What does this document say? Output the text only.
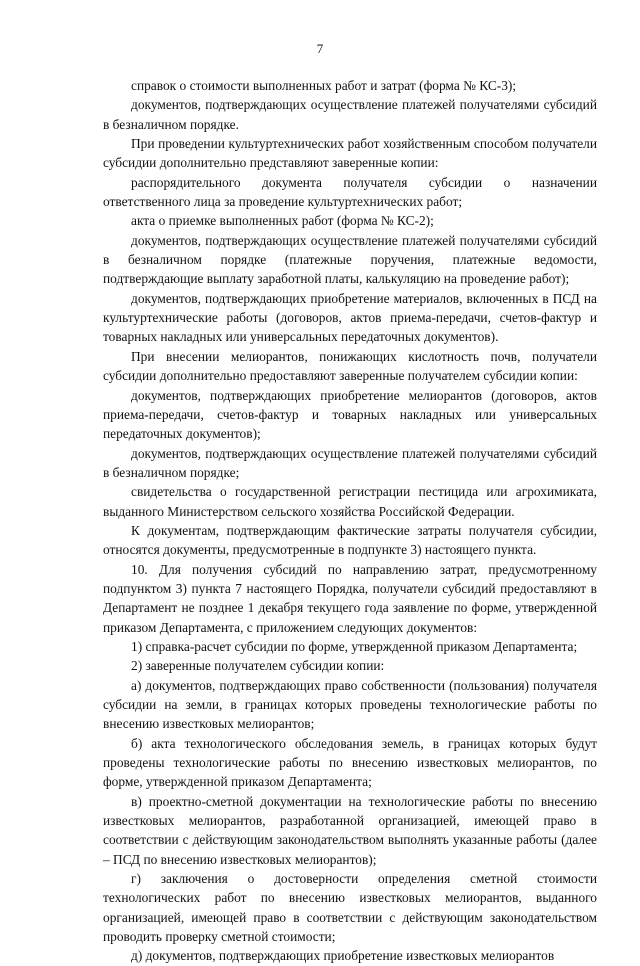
7

справок о стоимости выполненных работ и затрат (форма № КС-3);

документов, подтверждающих осуществление платежей получателями субсидий в безналичном порядке.

При проведении культуртехнических работ хозяйственным способом получатели субсидии дополнительно представляют заверенные копии:

распорядительного документа получателя субсидии о назначении ответственного лица за проведение культуртехнических работ;

акта о приемке выполненных работ (форма № КС-2);

документов, подтверждающих осуществление платежей получателями субсидий в безналичном порядке (платежные поручения, платежные ведомости, подтверждающие выплату заработной платы, калькуляцию на проведение работ);

документов, подтверждающих приобретение материалов, включенных в ПСД на культуртехнические работы (договоров, актов приема-передачи, счетов-фактур и товарных накладных или универсальных передаточных документов).

При внесении мелиорантов, понижающих кислотность почв, получатели субсидии дополнительно предоставляют заверенные получателем субсидии копии:

документов, подтверждающих приобретение мелиорантов (договоров, актов приема-передачи, счетов-фактур и товарных накладных или универсальных передаточных документов);

документов, подтверждающих осуществление платежей получателями субсидий в безналичном порядке;

свидетельства о государственной регистрации пестицида или агрохимиката, выданного Министерством сельского хозяйства Российской Федерации.

К документам, подтверждающим фактические затраты получателя субсидии, относятся документы, предусмотренные в подпункте 3) настоящего пункта.

10. Для получения субсидий по направлению затрат, предусмотренному подпунктом 3) пункта 7 настоящего Порядка, получатели субсидий предоставляют в Департамент не позднее 1 декабря текущего года заявление по форме, утвержденной приказом Департамента, с приложением следующих документов:

1) справка-расчет субсидии по форме, утвержденной приказом Департамента;

2) заверенные получателем субсидии копии:

а) документов, подтверждающих право собственности (пользования) получателя субсидии на земли, в границах которых проведены технологические работы по внесению известковых мелиорантов;

б) акта технологического обследования земель, в границах которых будут проведены технологические работы по внесению известковых мелиорантов, по форме, утвержденной приказом Департамента;

в) проектно-сметной документации на технологические работы по внесению известковых мелиорантов, разработанной организацией, имеющей право в соответствии с действующим законодательством выполнять указанные работы (далее – ПСД по внесению известковых мелиорантов);

г) заключения о достоверности определения сметной стоимости технологических работ по внесению известковых мелиорантов, выданного организацией, имеющей право в соответствии с действующим законодательством проводить проверку сметной стоимости;

д) документов, подтверждающих приобретение известковых мелиорантов
